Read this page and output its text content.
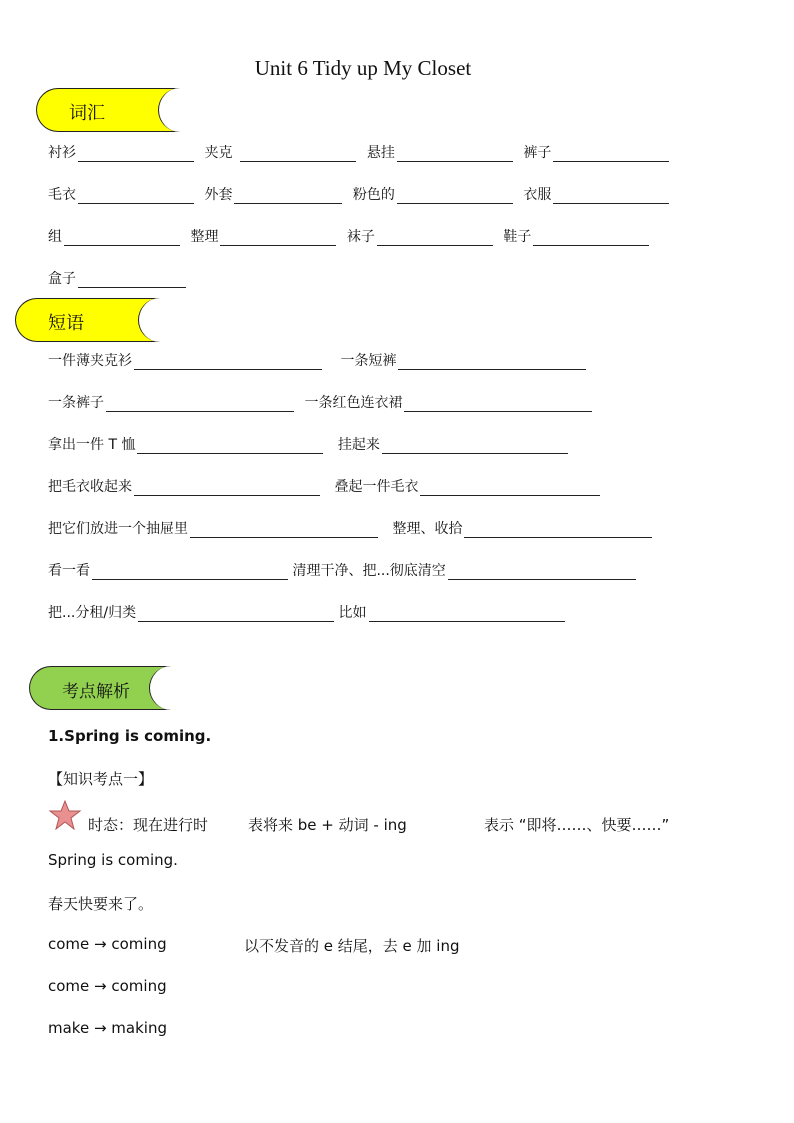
Unit 6 Tidy up My Closet
词汇
衬衫	夹克	悬挂	裤子
毛衣	外套	粉色的	衣服
组	整理	袜子	鞋子
盒子
短语
一件薄夹克衫	一条短裤
一条裤子	一条红色连衣裙
拿出一件 T 恤	挂起来
把毛衣收起来	叠起一件毛衣
把它们放进一个抽屉里	整理、收拾
看一看	清理干净、把...彻底清空
把...分租/归类	比如
考点解析
1.Spring is coming.
【知识考点一】
时态：现在进行时	表将来 be + 动词 - ing	表示 “即将……、快要……”
Spring is coming.
春天快要来了。
come → coming	以不发音的 e 结尾，去 e 加 ing
come → coming
make → making
